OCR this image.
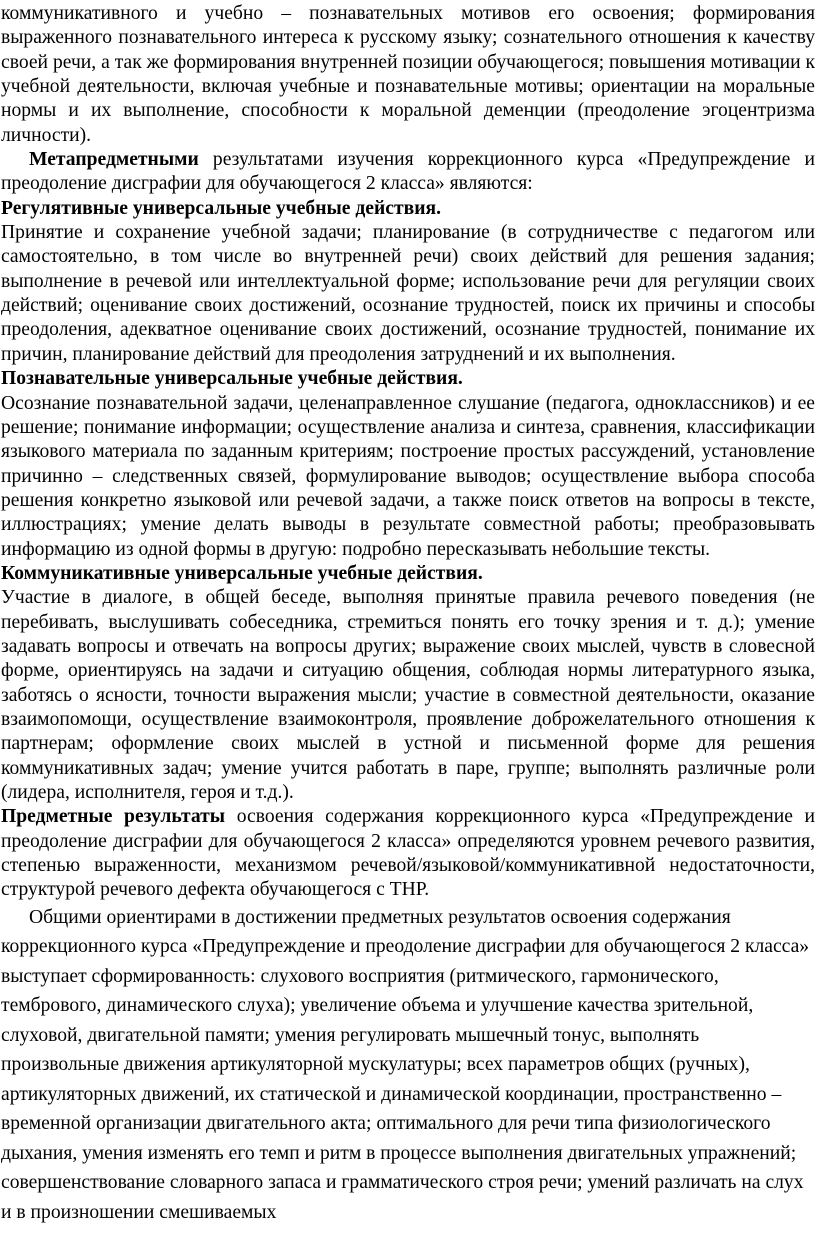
коммуникативного и учебно – познавательных мотивов его освоения; формирования выраженного познавательного интереса к русскому языку; сознательного отношения к качеству своей речи, а так же формирования внутренней позиции обучающегося; повышения мотивации к учебной деятельности, включая учебные и познавательные мотивы; ориентации на моральные нормы и их выполнение, способности к моральной деменции (преодоление эгоцентризма личности).

Метапредметными результатами изучения коррекционного курса «Предупреждение и преодоление дисграфии для обучающегося 2 класса» являются:

Регулятивные универсальные учебные действия.

Принятие и сохранение учебной задачи; планирование (в сотрудничестве с педагогом или самостоятельно, в том числе во внутренней речи) своих действий для решения задания; выполнение в речевой или интеллектуальной форме; использование речи для регуляции своих действий; оценивание своих достижений, осознание трудностей, поиск их причины и способы преодоления, адекватное оценивание своих достижений, осознание трудностей, понимание их причин, планирование действий для преодоления затруднений и их выполнения.

Познавательные универсальные учебные действия.

Осознание познавательной задачи, целенаправленное слушание (педагога, одноклассников) и ее решение; понимание информации; осуществление анализа и синтеза, сравнения, классификации языкового материала по заданным критериям; построение простых рассуждений, установление причинно – следственных связей, формулирование выводов; осуществление выбора способа решения конкретно языковой или речевой задачи, а также поиск ответов на вопросы в тексте, иллюстрациях; умение делать выводы в результате совместной работы; преобразовывать информацию из одной формы в другую: подробно пересказывать небольшие тексты.

Коммуникативные универсальные учебные действия.

Участие в диалоге, в общей беседе, выполняя принятые правила речевого поведения (не перебивать, выслушивать собеседника, стремиться понять его точку зрения и т. д.); умение задавать вопросы и отвечать на вопросы других; выражение своих мыслей, чувств в словесной форме, ориентируясь на задачи и ситуацию общения, соблюдая нормы литературного языка, заботясь о ясности, точности выражения мысли; участие в совместной деятельности, оказание взаимопомощи, осуществление взаимоконтроля, проявление доброжелательного отношения к партнерам; оформление своих мыслей в устной и письменной форме для решения коммуникативных задач; умение учится работать в паре, группе; выполнять различные роли (лидера, исполнителя, героя и т.д.).

Предметные результаты освоения содержания коррекционного курса «Предупреждение и преодоление дисграфии для обучающегося 2 класса» определяются уровнем речевого развития, степенью выраженности, механизмом речевой/языковой/коммуникативной недостаточности, структурой речевого дефекта обучающегося с ТНР.

Общими ориентирами в достижении предметных результатов освоения содержания коррекционного курса «Предупреждение и преодоление дисграфии для обучающегося 2 класса» выступает сформированность: слухового восприятия (ритмического, гармонического, тембрового, динамического слуха); увеличение объема и улучшение качества зрительной, слуховой, двигательной памяти; умения регулировать мышечный тонус, выполнять произвольные движения артикуляторной мускулатуры; всех параметров общих (ручных), артикуляторных движений, их статической и динамической координации, пространственно – временной организации двигательного акта; оптимального для речи типа физиологического дыхания, умения изменять его темп и ритм в процессе выполнения двигательных упражнений; совершенствование словарного запаса и грамматического строя речи; умений различать на слух и в произношении смешиваемых
